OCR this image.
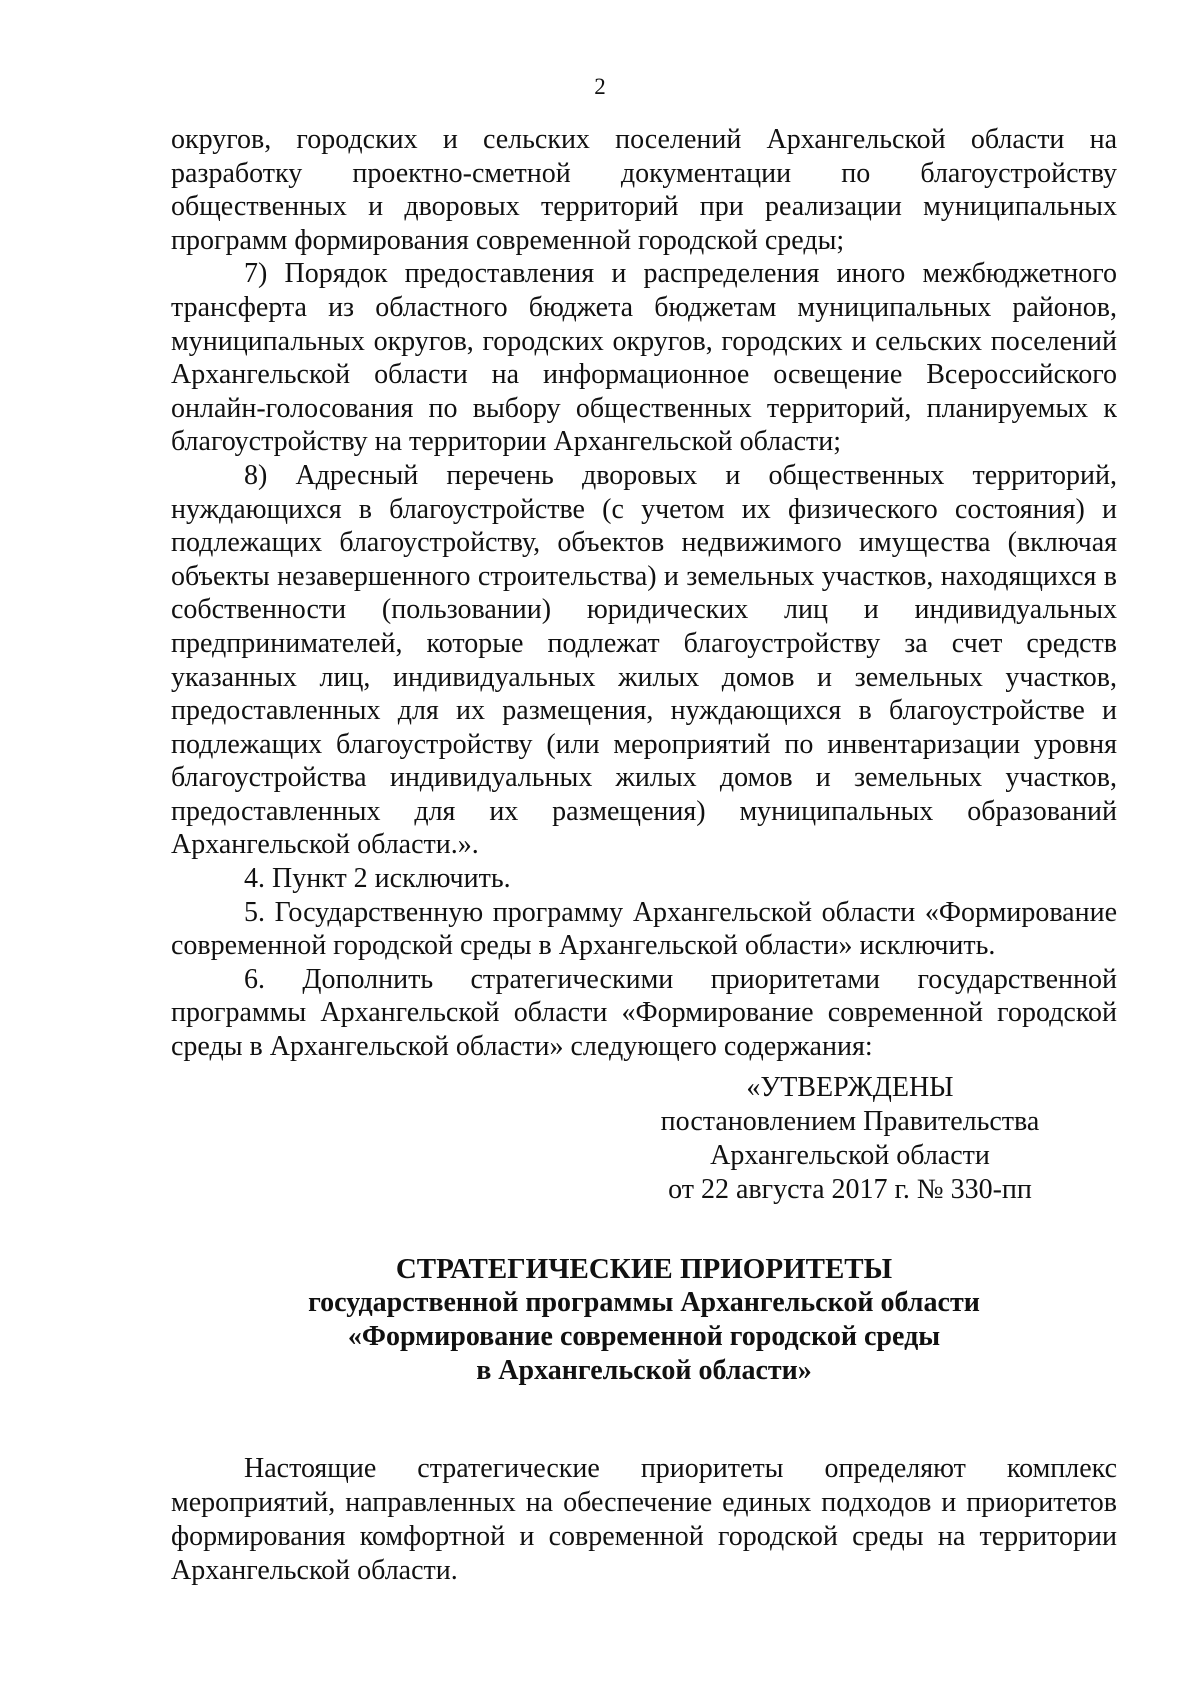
2

округов, городских и сельских поселений Архангельской области на разработку проектно-сметной документации по благоустройству общественных и дворовых территорий при реализации муниципальных программ формирования современной городской среды;

7) Порядок предоставления и распределения иного межбюджетного трансферта из областного бюджета бюджетам муниципальных районов, муниципальных округов, городских округов, городских и сельских поселений Архангельской области на информационное освещение Всероссийского онлайн-голосования по выбору общественных территорий, планируемых к благоустройству на территории Архангельской области;

8) Адресный перечень дворовых и общественных территорий, нуждающихся в благоустройстве (с учетом их физического состояния) и подлежащих благоустройству, объектов недвижимого имущества (включая объекты незавершенного строительства) и земельных участков, находящихся в собственности (пользовании) юридических лиц и индивидуальных предпринимателей, которые подлежат благоустройству за счет средств указанных лиц, индивидуальных жилых домов и земельных участков, предоставленных для их размещения, нуждающихся в благоустройстве и подлежащих благоустройству (или мероприятий по инвентаризации уровня благоустройства индивидуальных жилых домов и земельных участков, предоставленных для их размещения) муниципальных образований Архангельской области.».

4. Пункт 2 исключить.

5. Государственную программу Архангельской области «Формирование современной городской среды в Архангельской области» исключить.

6. Дополнить стратегическими приоритетами государственной программы Архангельской области «Формирование современной городской среды в Архангельской области» следующего содержания:

«УТВЕРЖДЕНЫ
постановлением Правительства
Архангельской области
от 22 августа 2017 г. № 330-пп
СТРАТЕГИЧЕСКИЕ ПРИОРИТЕТЫ
государственной программы Архангельской области
«Формирование современной городской среды
в Архангельской области»

Настоящие стратегические приоритеты определяют комплекс мероприятий, направленных на обеспечение единых подходов и приоритетов формирования комфортной и современной городской среды на территории Архангельской области.
